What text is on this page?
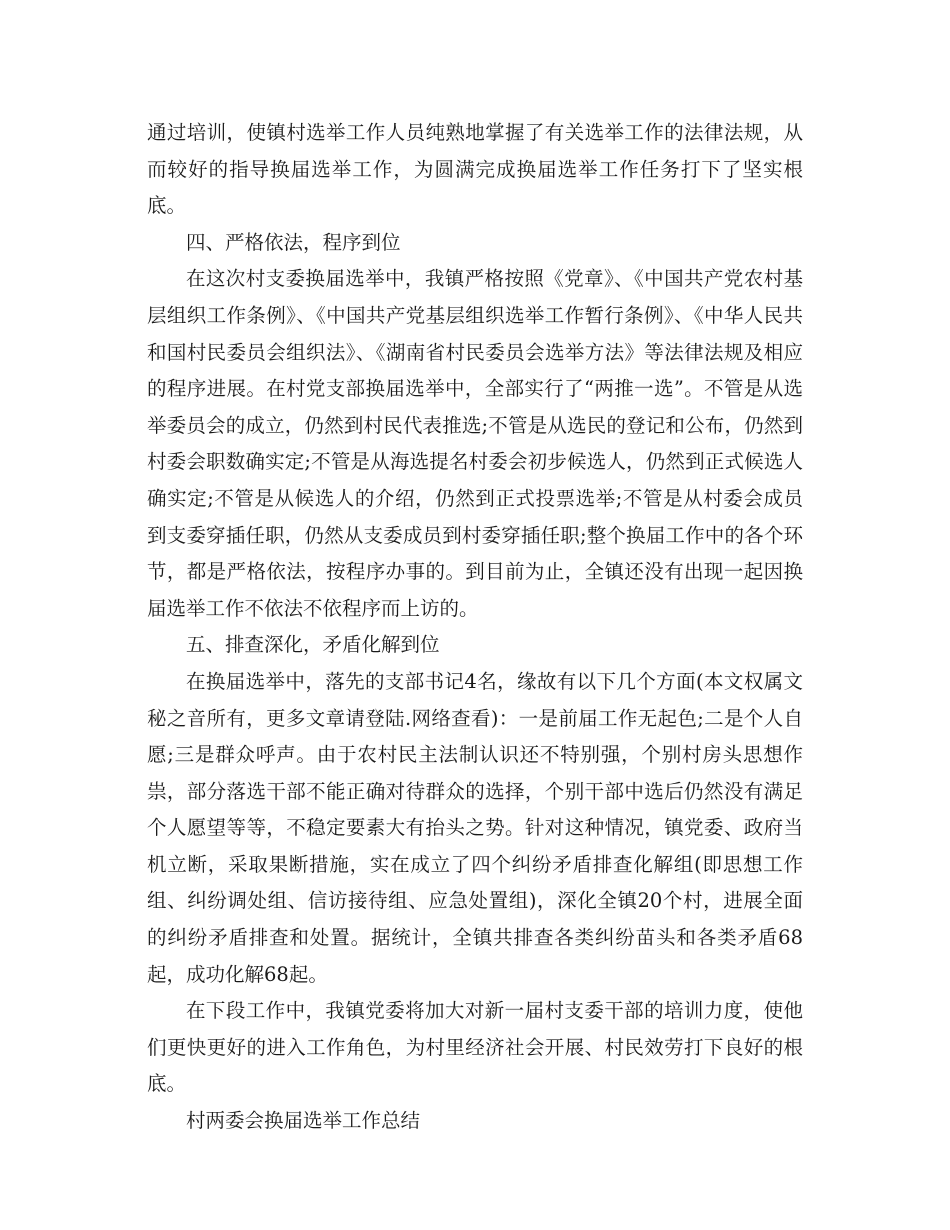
通过培训，使镇村选举工作人员纯熟地掌握了有关选举工作的法律法规，从而较好的指导换届选举工作，为圆满完成换届选举工作任务打下了坚实根底。

四、严格依法，程序到位

在这次村支委换届选举中，我镇严格按照《党章》、《中国共产党农村基层组织工作条例》、《中国共产党基层组织选举工作暂行条例》、《中华人民共和国村民委员会组织法》、《湖南省村民委员会选举方法》等法律法规及相应的程序进展。在村党支部换届选举中，全部实行了“两推一选”。不管是从选举委员会的成立，仍然到村民代表推选;不管是从选民的登记和公布，仍然到村委会职数确实定;不管是从海选提名村委会初步候选人，仍然到正式候选人确实定;不管是从候选人的介绍，仍然到正式投票选举;不管是从村委会成员到支委穿插任职，仍然从支委成员到村委穿插任职;整个换届工作中的各个环节，都是严格依法，按程序办事的。到目前为止，全镇还没有出现一起因换届选举工作不依法不依程序而上访的。

五、排查深化，矛盾化解到位

在换届选举中，落先的支部书记4名，缘故有以下几个方面(本文权属文秘之音所有，更多文章请登陆.网络查看)：一是前届工作无起色;二是个人自愿;三是群众呼声。由于农村民主法制认识还不特别强，个别村房头思想作祟，部分落选干部不能正确对待群众的选择，个别干部中选后仍然没有满足个人愿望等等，不稳定要素大有抬头之势。针对这种情况，镇党委、政府当机立断，采取果断措施，实在成立了四个纠纷矛盾排查化解组(即思想工作组、纠纷调处组、信访接待组、应急处置组)，深化全镇20个村，进展全面的纠纷矛盾排查和处置。据统计，全镇共排查各类纠纷苗头和各类矛盾68起，成功化解68起。

在下段工作中，我镇党委将加大对新一届村支委干部的培训力度，使他们更快更好的进入工作角色，为村里经济社会开展、村民效劳打下良好的根底。

村两委会换届选举工作总结
